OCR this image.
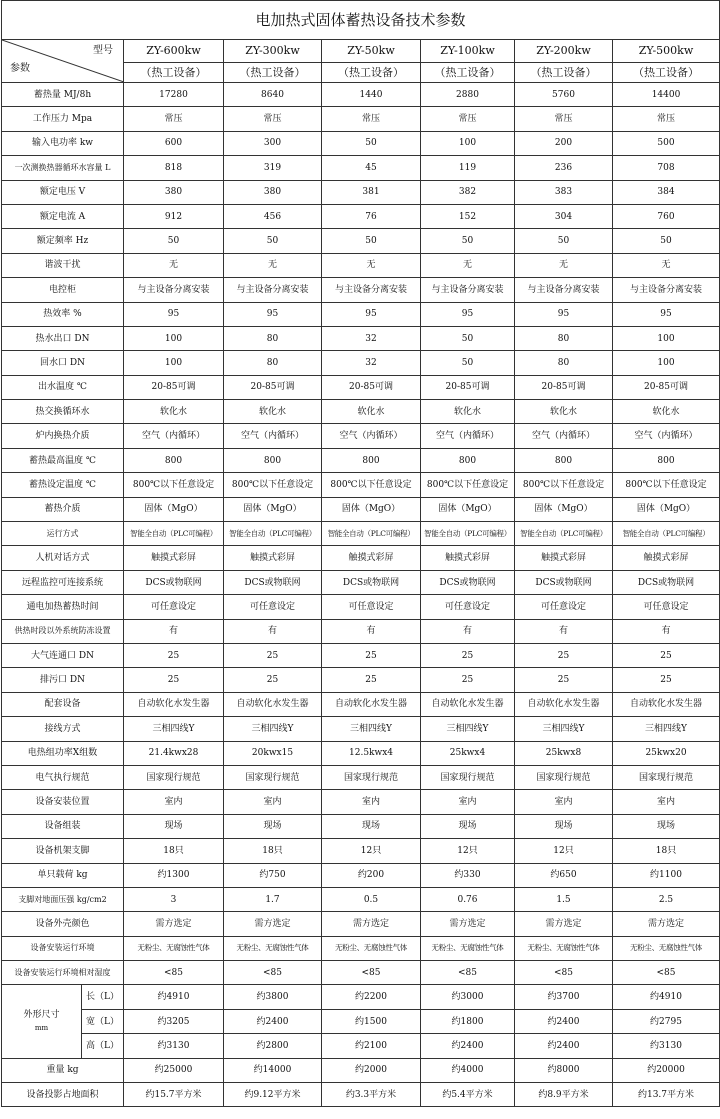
电加热式固体蓄热设备技术参数							

型号
参数		ZY-600kw	ZY-300kw	ZY-50kw	ZY-100kw	ZY-200kw	ZY-500kw
		（热工设备）	（热工设备）	（热工设备）	（热工设备）	（热工设备）	（热工设备）
蓄热量 MJ/8h		17280	8640	1440	2880	5760	14400
工作压力 Mpa		常压	常压	常压	常压	常压	常压
输入电功率 kw		600	300	50	100	200	500
一次测换热器循环水容量 L		818	319	45	119	236	708
额定电压 V		380	380	381	382	383	384
额定电流 A		912	456	76	152	304	760
额定频率 Hz		50	50	50	50	50	50
谐波干扰		无	无	无	无	无	无
电控柜		与主设备分离安装	与主设备分离安装	与主设备分离安装	与主设备分离安装	与主设备分离安装	与主设备分离安装
热效率 %		95	95	95	95	95	95
热水出口 DN		100	80	32	50	80	100
回水口 DN		100	80	32	50	80	100
出水温度 ℃		20-85可调	20-85可调	20-85可调	20-85可调	20-85可调	20-85可调
热交换循环水		软化水	软化水	软化水	软化水	软化水	软化水
炉内换热介质		空气（内循环）	空气（内循环）	空气（内循环）	空气（内循环）	空气（内循环）	空气（内循环）
蓄热最高温度 ℃		800	800	800	800	800	800
蓄热设定温度 ℃		800℃以下任意设定	800℃以下任意设定	800℃以下任意设定	800℃以下任意设定	800℃以下任意设定	800℃以下任意设定
蓄热介质		固体（MgO）	固体（MgO）	固体（MgO）	固体（MgO）	固体（MgO）	固体（MgO）
运行方式		智能全自动（PLC可编程）	智能全自动（PLC可编程）	智能全自动（PLC可编程）	智能全自动（PLC可编程）	智能全自动（PLC可编程）	智能全自动（PLC可编程）
人机对话方式		触摸式彩屏	触摸式彩屏	触摸式彩屏	触摸式彩屏	触摸式彩屏	触摸式彩屏
远程监控可连接系统		DCS或物联网	DCS或物联网	DCS或物联网	DCS或物联网	DCS或物联网	DCS或物联网
通电加热蓄热时间		可任意设定	可任意设定	可任意设定	可任意设定	可任意设定	可任意设定
供热时段以外系统防冻设置		有	有	有	有	有	有
大气连通口 DN		25	25	25	25	25	25
排污口 DN		25	25	25	25	25	25
配套设备		自动软化水发生器	自动软化水发生器	自动软化水发生器	自动软化水发生器	自动软化水发生器	自动软化水发生器
接线方式		三相四线Y	三相四线Y	三相四线Y	三相四线Y	三相四线Y	三相四线Y
电热组功率X组数		21.4kwx28	20kwx15	12.5kwx4	25kwx4	25kwx8	25kwx20
电气执行规范		国家现行规范	国家现行规范	国家现行规范	国家现行规范	国家现行规范	国家现行规范
设备安装位置		室内	室内	室内	室内	室内	室内
设备组装		现场	现场	现场	现场	现场	现场
设备机架支脚		18只	18只	12只	12只	12只	18只
单只载荷 kg		约1300	约750	约200	约330	约650	约1100
支脚对地面压强 kg/cm2		3	1.7	0.5	0.76	1.5	2.5
设备外壳颜色		需方选定	需方选定	需方选定	需方选定	需方选定	需方选定
设备安装运行环境		无粉尘、无腐蚀性气体	无粉尘、无腐蚀性气体	无粉尘、无腐蚀性气体	无粉尘、无腐蚀性气体	无粉尘、无腐蚀性气体	无粉尘、无腐蚀性气体
设备安装运行环境相对湿度		<85	<85	<85	<85	<85	<85

外形尺寸
mm	长（L）	约4910	约3800	约2200	约3000	约3700	约4910
	宽（L）	约3205	约2400	约1500	约1800	约2400	约2795
	高（L）	约3130	约2800	约2100	约2400	约2400	约3130
重量 kg		约25000	约14000	约2000	约4000	约8000	约20000
设备投影占地面积		约15.7平方米	约9.12平方米	约3.3平方米	约5.4平方米	约8.9平方米	约13.7平方米
